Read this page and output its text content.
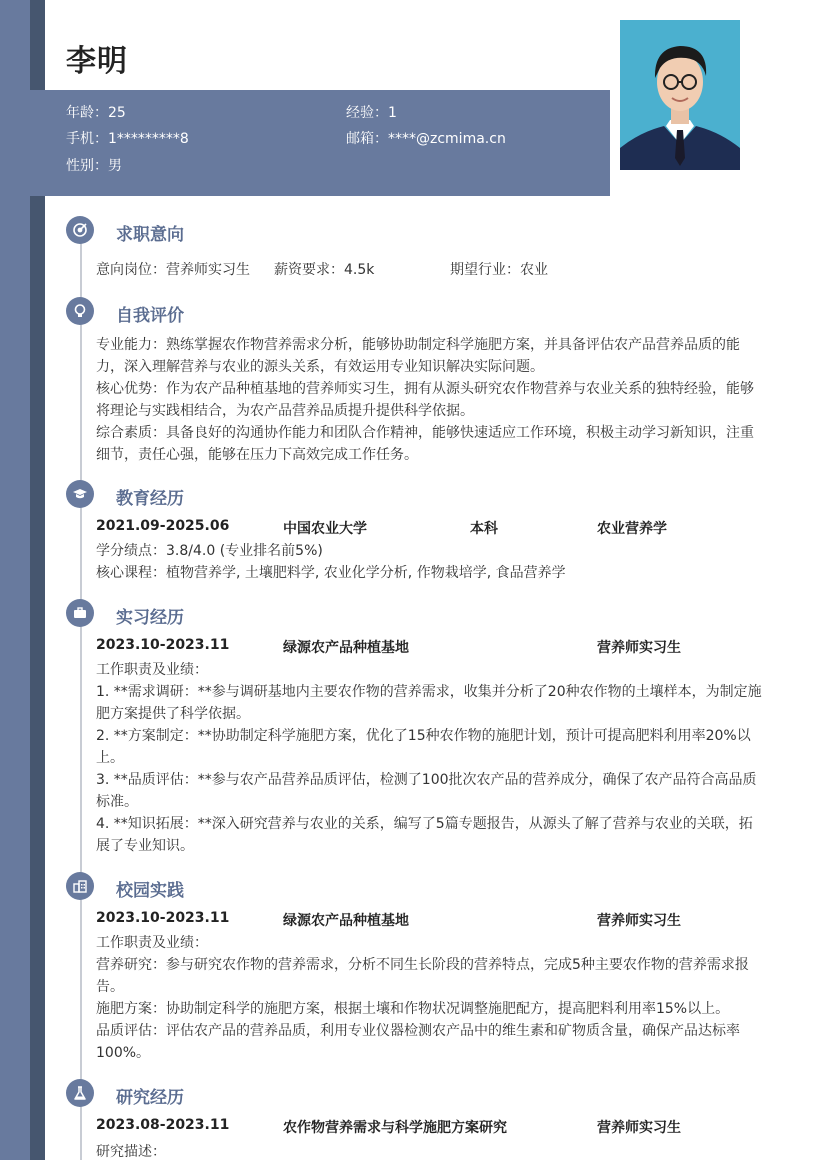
李明
年龄：25	经验：1
手机：1*********8	邮箱：****@zcmima.cn
性别：男
求职意向
意向岗位：营养师实习生 薪资要求：4.5k	期望行业：农业
自我评价
专业能力：熟练掌握农作物营养需求分析，能够协助制定科学施肥方案，并具备评估农产品营养品质的能力，深入理解营养与农业的源头关系，有效运用专业知识解决实际问题。
核心优势：作为农产品种植基地的营养师实习生，拥有从源头研究农作物营养与农业关系的独特经验，能够将理论与实践相结合，为农产品营养品质提升提供科学依据。
综合素质：具备良好的沟通协作能力和团队合作精神，能够快速适应工作环境，积极主动学习新知识，注重细节，责任心强，能够在压力下高效完成工作任务。
教育经历
2021.09-2025.06	中国农业大学	本科	农业营养学
学分绩点：3.8/4.0 (专业排名前5%)
核心课程：植物营养学, 土壤肥料学, 农业化学分析, 作物栽培学, 食品营养学
实习经历
2023.10-2023.11	绿源农产品种植基地	营养师实习生
工作职责及业绩：
1. **需求调研：**参与调研基地内主要农作物的营养需求，收集并分析了20种农作物的土壤样本，为制定施肥方案提供了科学依据。
2. **方案制定：**协助制定科学施肥方案，优化了15种农作物的施肥计划，预计可提高肥料利用率20%以上。
3. **品质评估：**参与农产品营养品质评估，检测了100批次农产品的营养成分，确保了农产品符合高品质标准。
4. **知识拓展：**深入研究营养与农业的关系，编写了5篇专题报告，从源头了解了营养与农业的关联，拓展了专业知识。
校园实践
2023.10-2023.11	绿源农产品种植基地	营养师实习生
工作职责及业绩：
营养研究：参与研究农作物的营养需求，分析不同生长阶段的营养特点，完成5种主要农作物的营养需求报告。
施肥方案：协助制定科学的施肥方案，根据土壤和作物状况调整施肥配方，提高肥料利用率15%以上。
品质评估：评估农产品的营养品质，利用专业仪器检测农产品中的维生素和矿物质含量，确保产品达标率100%。
研究经历
2023.08-2023.11	农作物营养需求与科学施肥方案研究	营养师实习生
研究描述：
